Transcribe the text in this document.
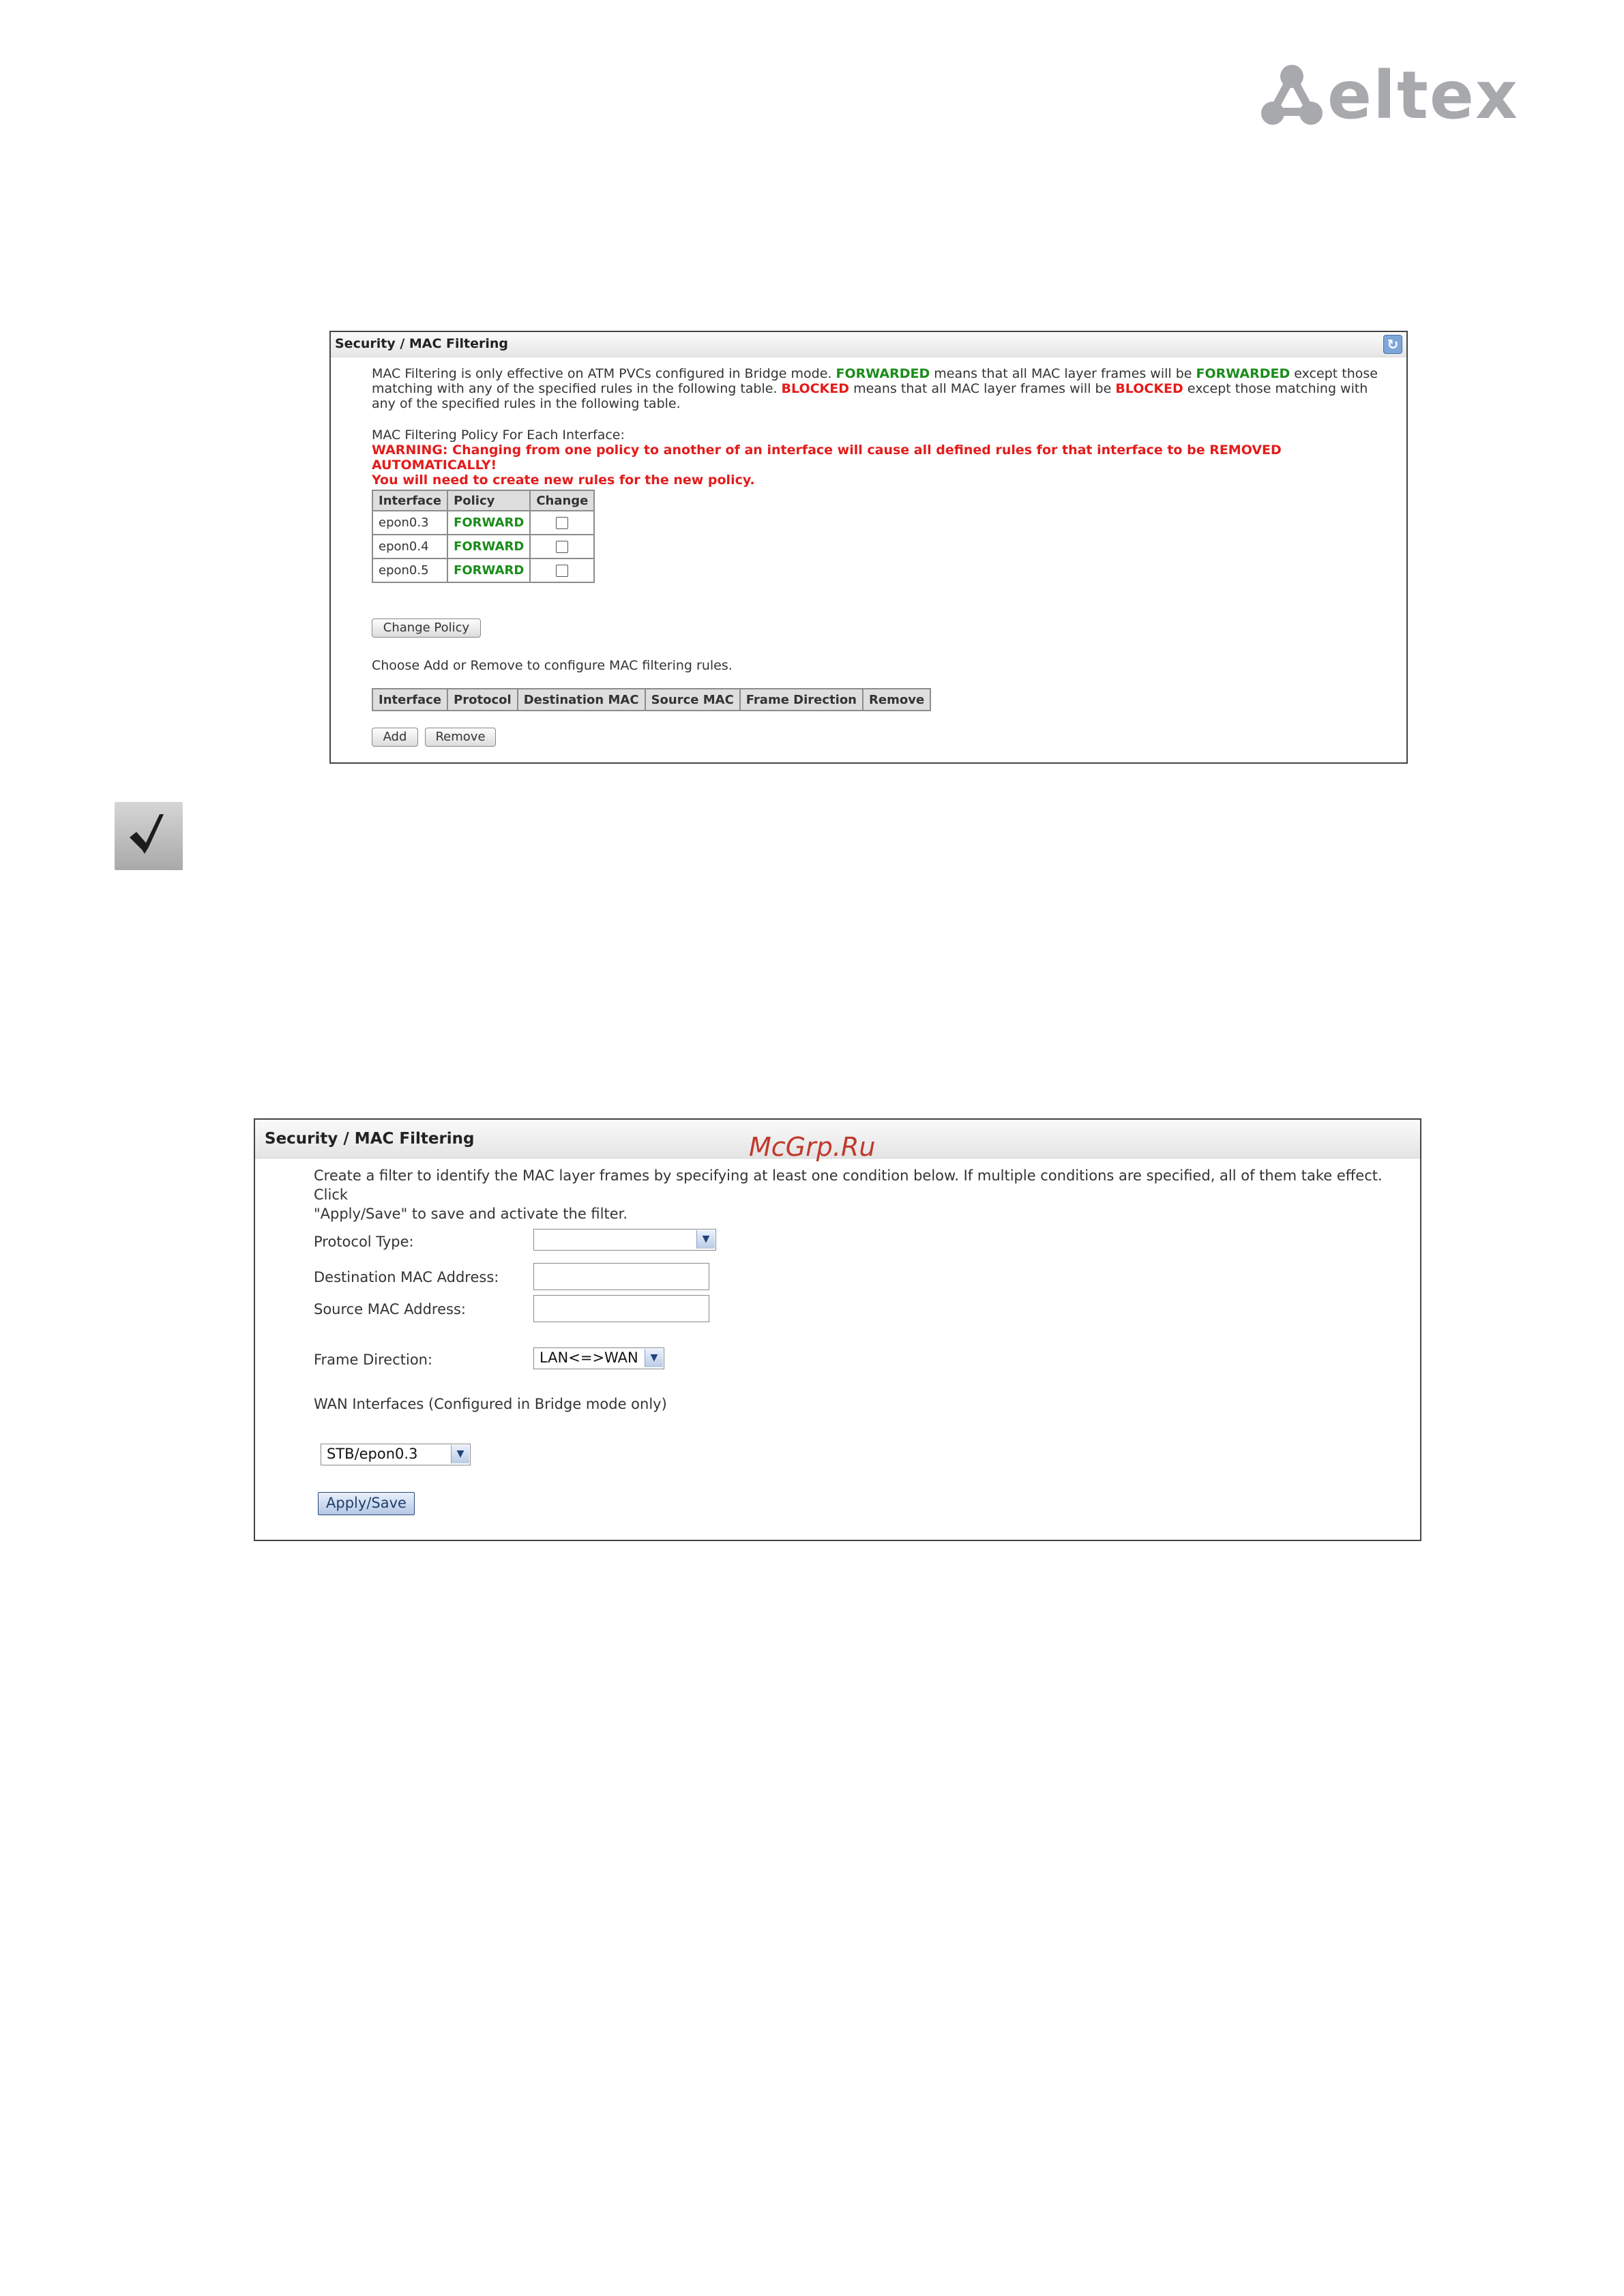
eltex
Security / MAC Filtering	↻
MAC Filtering is only effective on ATM PVCs configured in Bridge mode. FORWARDED means that all MAC layer frames will be FORWARDED except those matching with any of the specified rules in the following table. BLOCKED means that all MAC layer frames will be BLOCKED except those matching with any of the specified rules in the following table.
MAC Filtering Policy For Each Interface:
WARNING: Changing from one policy to another of an interface will cause all defined rules for that interface to be REMOVED AUTOMATICALLY!
You will need to create new rules for the new policy.
Interface	Policy	Change
epon0.3	FORWARD	
epon0.4	FORWARD	
epon0.5	FORWARD	
Change Policy
Choose Add or Remove to configure MAC filtering rules.
Interface	Protocol	Destination MAC	Source MAC	Frame Direction	Remove
Add	Remove
Security / MAC Filtering
Create a filter to identify the MAC layer frames by specifying at least one condition below. If multiple conditions are specified, all of them take effect. Click
"Apply/Save" to save and activate the filter.
Protocol Type:	▼
Destination MAC Address:
Source MAC Address:
Frame Direction:	LAN<=>WAN	▼
WAN Interfaces (Configured in Bridge mode only)
STB/epon0.3	▼
Apply/Save
McGrp.Ru
